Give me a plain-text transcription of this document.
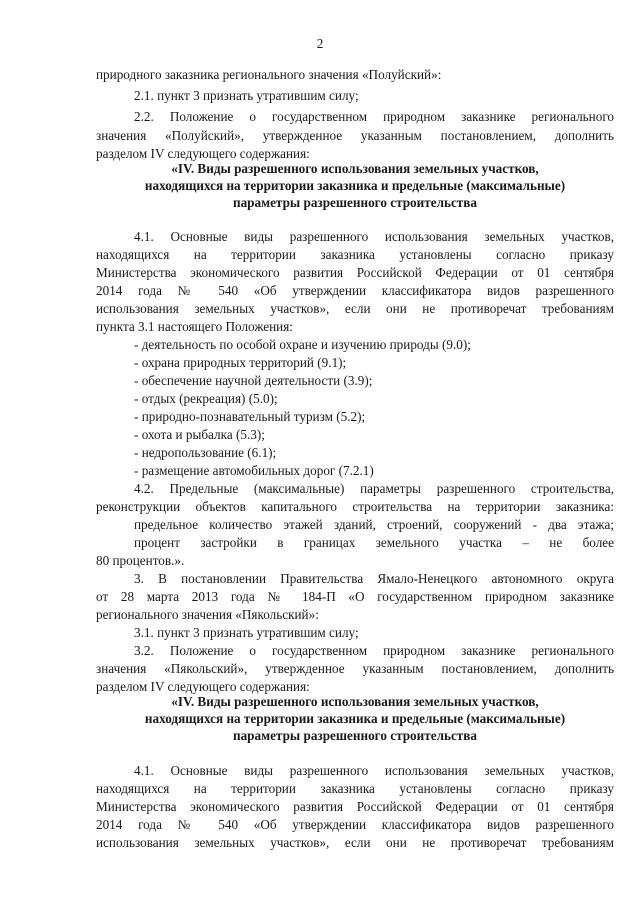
2
природного заказника регионального значения «Полуйский»:
2.1. пункт 3 признать утратившим силу;
2.2. Положение о государственном природном заказнике регионального
значения «Полуйский», утвержденное указанным постановлением, дополнить
разделом IV следующего содержания:
«IV. Виды разрешенного использования земельных участков,
находящихся на территории заказника и предельные (максимальные)
параметры разрешенного строительства
4.1. Основные виды разрешенного использования земельных участков,
находящихся на территории заказника установлены согласно приказу
Министерства экономического развития Российской Федерации от 01 сентября
2014 года № 540 «Об утверждении классификатора видов разрешенного
использования земельных участков», если они не противоречат требованиям
пункта 3.1 настоящего Положения:
- деятельность по особой охране и изучению природы (9.0);
- охрана природных территорий (9.1);
- обеспечение научной деятельности (3.9);
- отдых (рекреация) (5.0);
- природно-познавательный туризм (5.2);
- охота и рыбалка (5.3);
- недропользование (6.1);
- размещение автомобильных дорог (7.2.1)
4.2. Предельные (максимальные) параметры разрешенного строительства,
реконструкции объектов капитального строительства на территории заказника:
предельное количество этажей зданий, строений, сооружений - два этажа;
процент застройки в границах земельного участка – не более
80 процентов.».
3. В постановлении Правительства Ямало-Ненецкого автономного округа
от 28 марта 2013 года № 184-П «О государственном природном заказнике
регионального значения «Пякольский»:
3.1. пункт 3 признать утратившим силу;
3.2. Положение о государственном природном заказнике регионального
значения «Пякольский», утвержденное указанным постановлением, дополнить
разделом IV следующего содержания:
«IV. Виды разрешенного использования земельных участков,
находящихся на территории заказника и предельные (максимальные)
параметры разрешенного строительства
4.1. Основные виды разрешенного использования земельных участков,
находящихся на территории заказника установлены согласно приказу
Министерства экономического развития Российской Федерации от 01 сентября
2014 года № 540 «Об утверждении классификатора видов разрешенного
использования земельных участков», если они не противоречат требованиям
